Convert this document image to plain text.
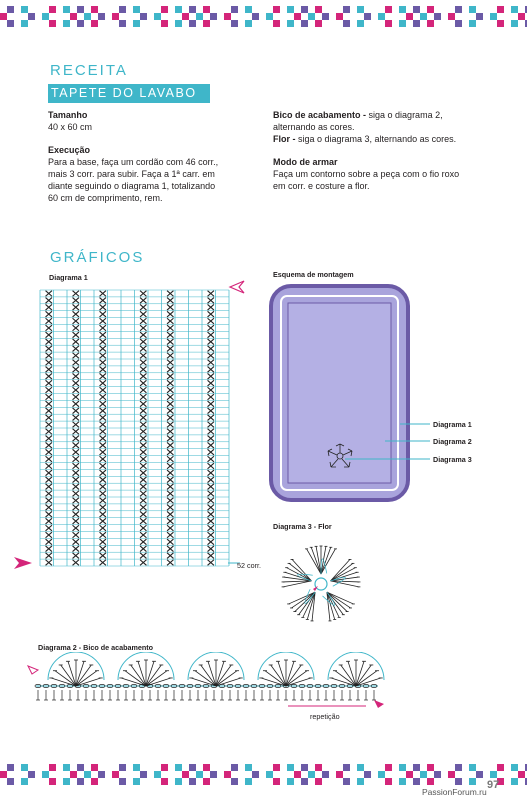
RECEITA
TAPETE DO LAVABO
Tamanho
40 x 60 cm
Execução
Para a base, faça um cordão com 46 corr.,
mais 3 corr. para subir. Faça a 1ª carr. em
diante seguindo o diagrama 1, totalizando
60 cm de comprimento, rem.
Bico de acabamento - siga o diagrama 2,
alternando as cores.
Flor - siga o diagrama 3, alternando as cores.
Modo de armar
Faça um contorno sobre a peça com o fio roxo
em corr. e costure a flor.
GRÁFICOS
Diagrama 1
52 corr.
Esquema de montagem
Diagrama 1
Diagrama 2
Diagrama 3
Diagrama 3 - Flor
Diagrama 2 - Bico de acabamento
repetição
97
PassionForum.ru
